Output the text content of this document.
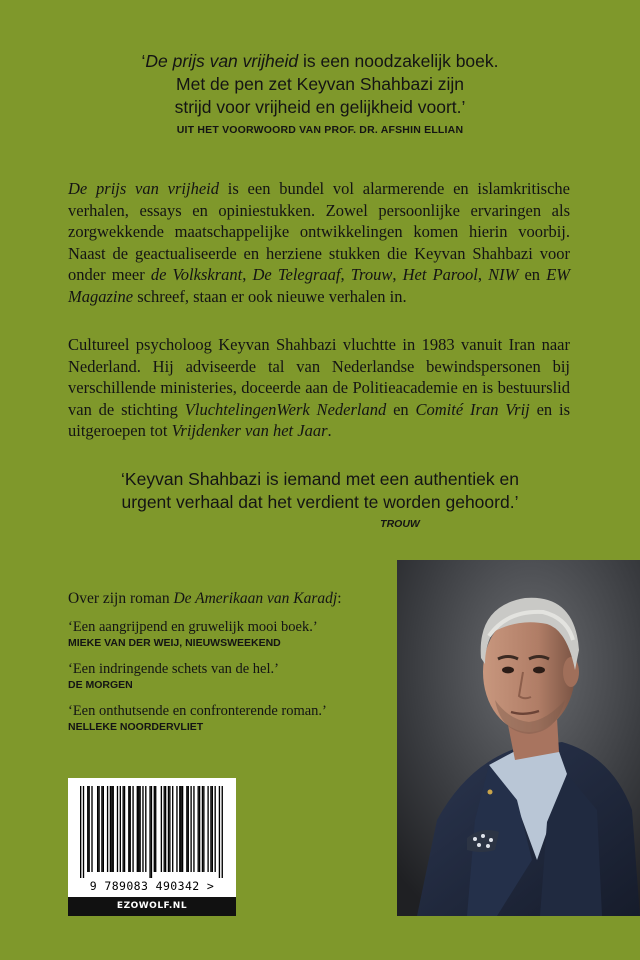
‘De prijs van vrijheid is een noodzakelijk boek.
Met de pen zet Keyvan Shahbazi zijn
strijd voor vrijheid en gelijkheid voort.’
UIT HET VOORWOORD VAN PROF. DR. AFSHIN ELLIAN

De prijs van vrijheid is een bundel vol alarmerende en islamkritische verhalen, essays en opiniestukken. Zowel persoonlijke ervaringen als zorgwekkende maatschappelijke ontwikkelingen komen hierin voorbij. Naast de geactualiseerde en herziene stukken die Keyvan Shahbazi voor onder meer de Volkskrant, De Telegraaf, Trouw, Het Parool, NIW en EW Magazine schreef, staan er ook nieuwe verhalen in.

Cultureel psycholoog Keyvan Shahbazi vluchtte in 1983 vanuit Iran naar Nederland. Hij adviseerde tal van Nederlandse bewindspersonen bij verschillende ministeries, doceerde aan de Politieacademie en is bestuurslid van de stichting VluchtelingenWerk Nederland en Comité Iran Vrij en is uitgeroepen tot Vrijdenker van het Jaar.

‘Keyvan Shahbazi is iemand met een authentiek en
urgent verhaal dat het verdient te worden gehoord.’
TROUW
Over zijn roman De Amerikaan van Karadj:
‘Een aangrijpend en gruwelijk mooi boek.’
MIEKE VAN DER WEIJ, NIEUWSWEEKEND
‘Een indringende schets van de hel.’
DE MORGEN
‘Een onthutsende en confronterende roman.’
NELLEKE NOORDERVLIET
9 789083 490342 >
EZOWOLF.NL
